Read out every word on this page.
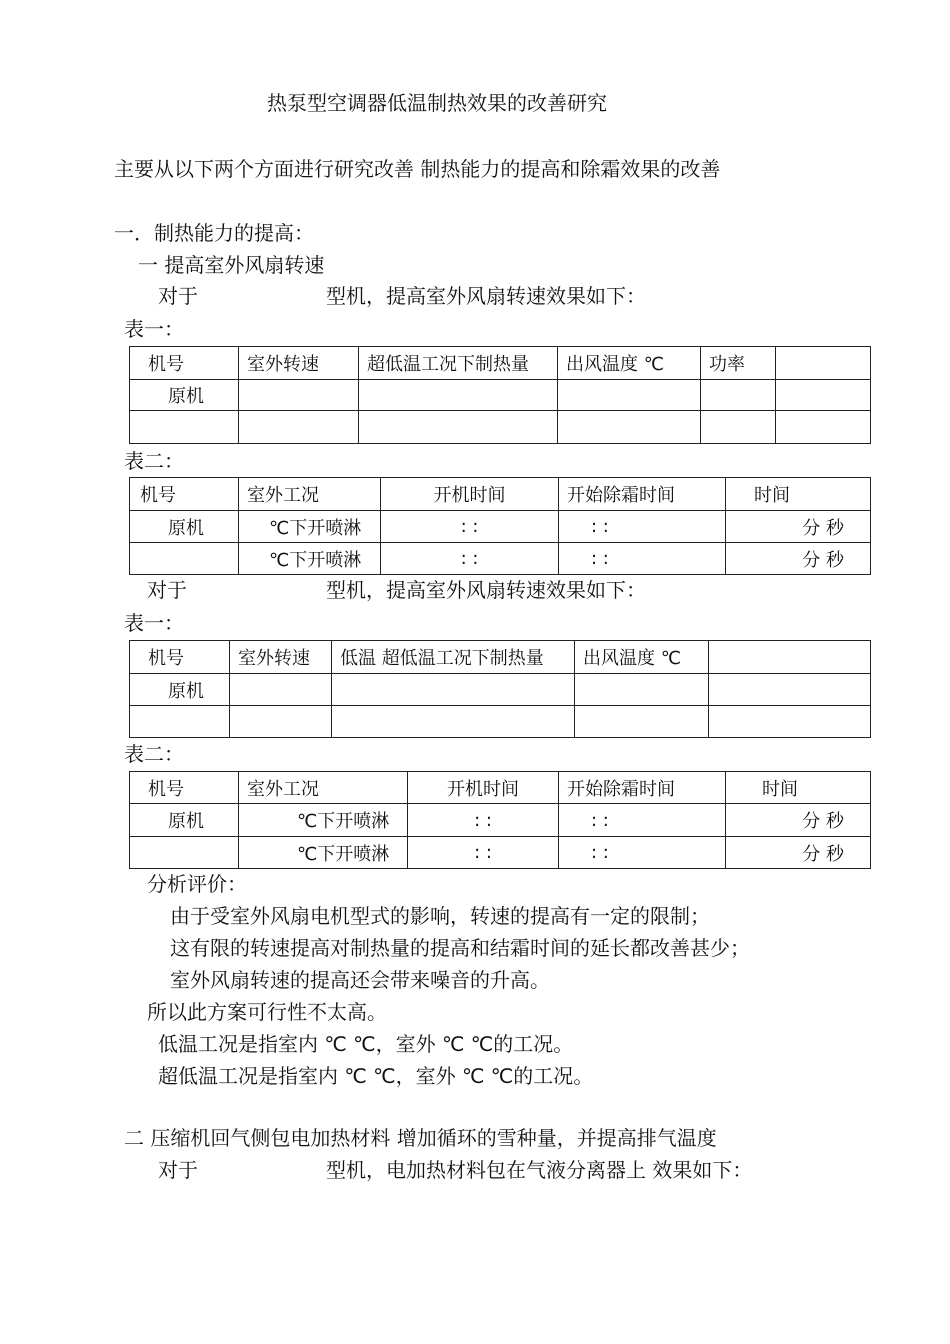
热泵型空调器低温制热效果的改善研究
主要从以下两个方面进行研究改善 制热能力的提高和除霜效果的改善
一．制热能力的提高：
一 提高室外风扇转速
对于	型机，提高室外风扇转速效果如下：
表一：
机号	室外转速	超低温工况下制热量	出风温度 ℃	功率	
原机					

表二：
机号	室外工况	开机时间	开始除霜时间	时间
原机	℃下开喷淋	: :	: :	分 秒
	℃下开喷淋	: :	: :	分 秒
对于	型机，提高室外风扇转速效果如下：
表一：
机号	室外转速	低温 超低温工况下制热量	出风温度 ℃	
原机				

表二：
机号	室外工况	开机时间	开始除霜时间	时间
原机	℃下开喷淋	: :	: :	分 秒
	℃下开喷淋	: :	: :	分 秒
分析评价：
由于受室外风扇电机型式的影响，转速的提高有一定的限制；
这有限的转速提高对制热量的提高和结霜时间的延长都改善甚少；
室外风扇转速的提高还会带来噪音的升高。
所以此方案可行性不太高。
低温工况是指室内 ℃ ℃，室外 ℃ ℃的工况。
超低温工况是指室内 ℃ ℃，室外 ℃ ℃的工况。
二 压缩机回气侧包电加热材料 增加循环的雪种量，并提高排气温度
对于	型机，电加热材料包在气液分离器上 效果如下：
